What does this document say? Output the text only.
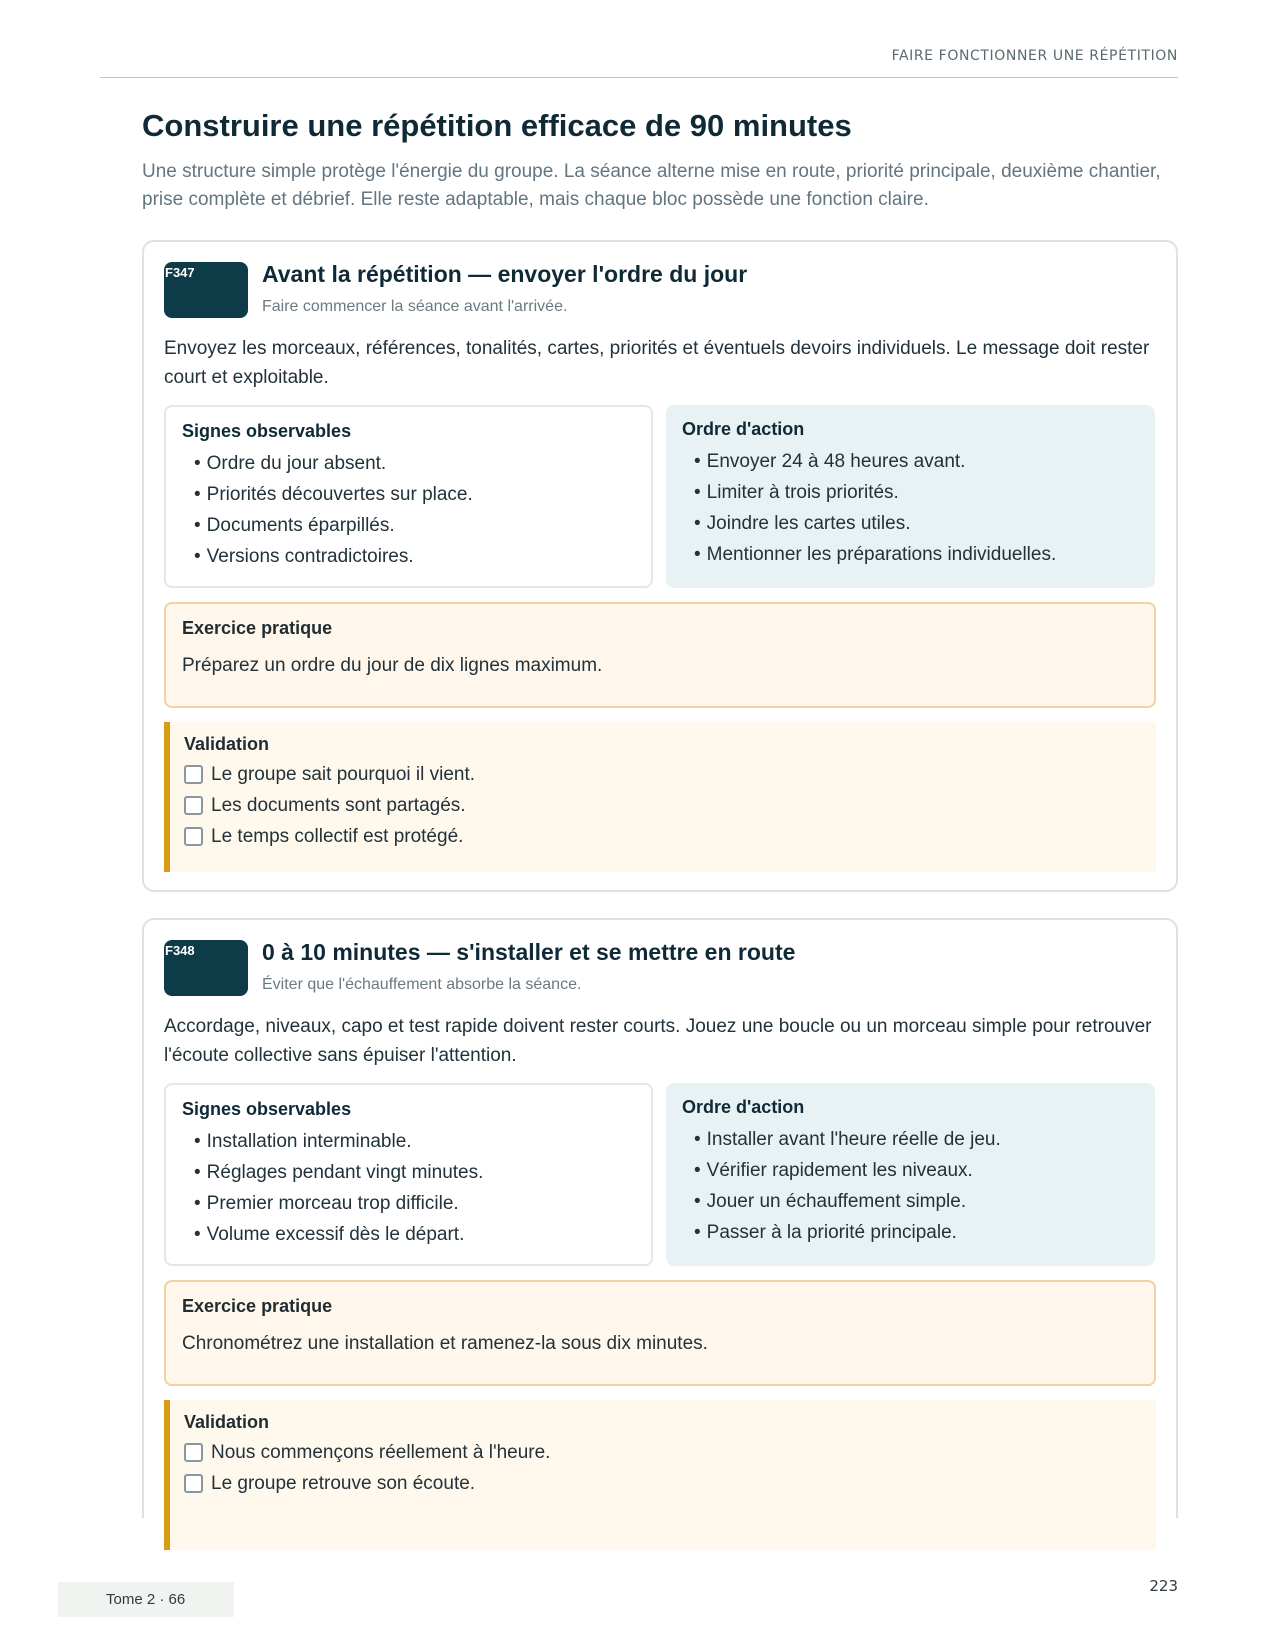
FAIRE FONCTIONNER UNE RÉPÉTITION
Construire une répétition efficace de 90 minutes

Une structure simple protège l'énergie du groupe. La séance alterne mise en route, priorité principale, deuxième chantier, prise complète et débrief. Elle reste adaptable, mais chaque bloc possède une fonction claire.

F347	Avant la répétition — envoyer l'ordre du jour
Faire commencer la séance avant l'arrivée.

Envoyez les morceaux, références, tonalités, cartes, priorités et éventuels devoirs individuels. Le message doit rester court et exploitable.

Signes observables
• Ordre du jour absent.
• Priorités découvertes sur place.
• Documents éparpillés.
• Versions contradictoires.
Ordre d'action
• Envoyer 24 à 48 heures avant.
• Limiter à trois priorités.
• Joindre les cartes utiles.
• Mentionner les préparations individuelles.
Exercice pratique
Préparez un ordre du jour de dix lignes maximum.
Validation
Le groupe sait pourquoi il vient.
Les documents sont partagés.
Le temps collectif est protégé.
F348	0 à 10 minutes — s'installer et se mettre en route
Éviter que l'échauffement absorbe la séance.

Accordage, niveaux, capo et test rapide doivent rester courts. Jouez une boucle ou un morceau simple pour retrouver l'écoute collective sans épuiser l'attention.

Signes observables
• Installation interminable.
• Réglages pendant vingt minutes.
• Premier morceau trop difficile.
• Volume excessif dès le départ.
Ordre d'action
• Installer avant l'heure réelle de jeu.
• Vérifier rapidement les niveaux.
• Jouer un échauffement simple.
• Passer à la priorité principale.
Exercice pratique
Chronométrez une installation et ramenez-la sous dix minutes.
Validation
Nous commençons réellement à l'heure.
Le groupe retrouve son écoute.
Tome 2 · 66
223
